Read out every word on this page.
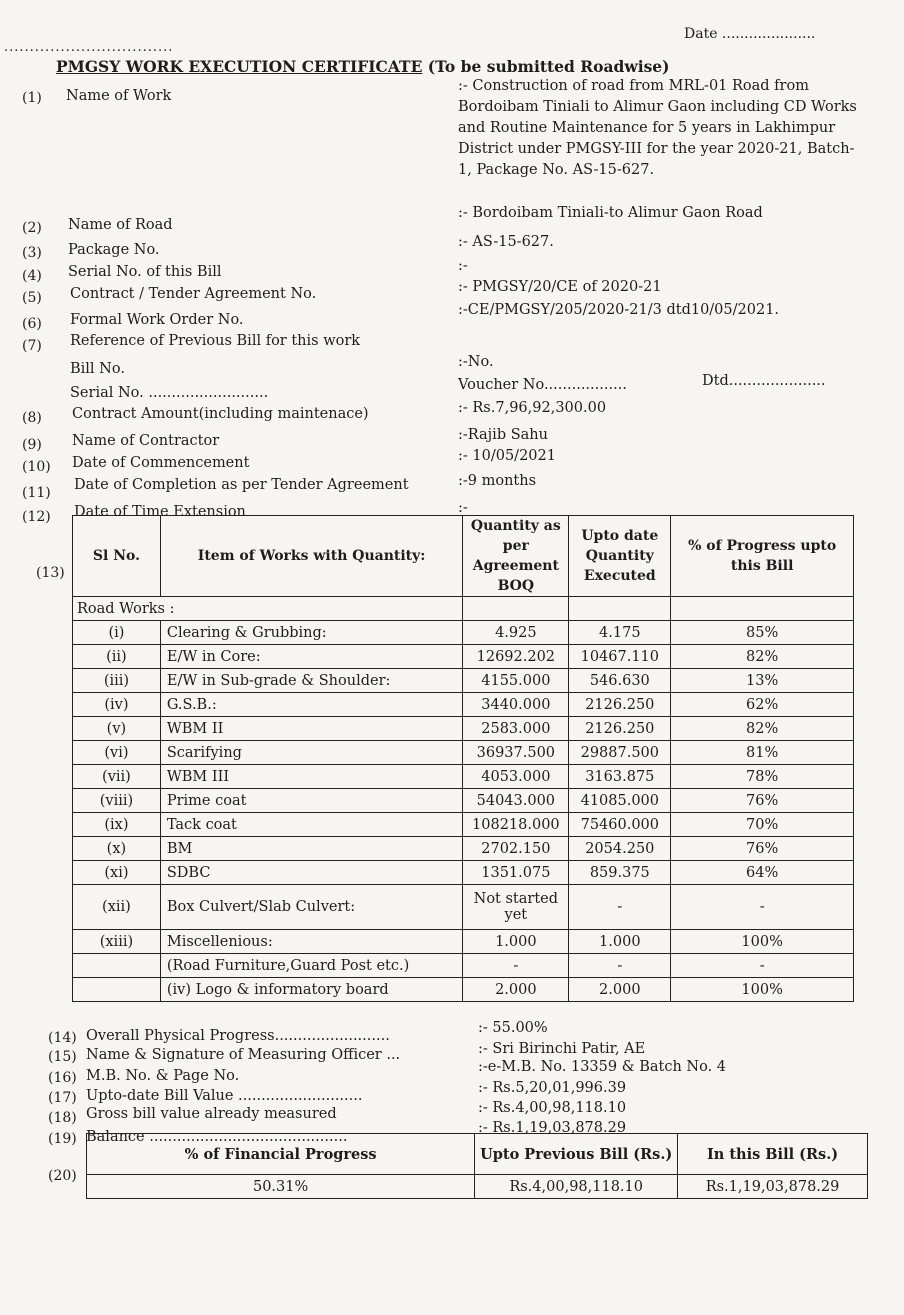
Date .....................
.................................
PMGSY WORK EXECUTION CERTIFICATE (To be submitted Roadwise)
(1) Name of Work
:- Construction of road from MRL-01 Road from Bordoibam Tiniali to Alimur Gaon including CD Works and Routine Maintenance for 5 years in Lakhimpur District under PMGSY-III for the year 2020-21, Batch-1, Package No. AS-15-627.
(2) Name of Road
:- Bordoibam Tiniali-to Alimur Gaon Road
(3) Package No.	:- AS-15-627.
(4) Serial No. of this Bill	:-
(5) Contract / Tender Agreement No.	:- PMGSY/20/CE of 2020-21
(6) Formal Work Order No.
:-CE/PMGSY/205/2020-21/3 dtd10/05/2021.
(7) Reference of Previous Bill for this work
Bill No.	:-No.
Serial No. ..........................	Voucher No..................	Dtd.....................
(8) Contract Amount(including maintenace)	:- Rs.7,96,92,300.00
(9) Name of Contractor	:-Rajib Sahu
(10) Date of Commencement	:- 10/05/2021
(11) Date of Completion as per Tender Agreement	:-9 months
(12) Date of Time Extension	:-
(13)
Sl No.	Item of Works with Quantity:	Quantity as per Agreement BOQ	Upto date Quantity Executed	% of Progress upto this Bill
Road Works :				
(i)	Clearing & Grubbing:	4.925	4.175	85%
(ii)	E/W in Core:	12692.202	10467.110	82%
(iii)	E/W in Sub-grade & Shoulder:	4155.000	546.630	13%
(iv)	G.S.B.:	3440.000	2126.250	62%
(v)	WBM II	2583.000	2126.250	82%
(vi)	Scarifying	36937.500	29887.500	81%
(vii)	WBM III	4053.000	3163.875	78%
(viii)	Prime coat	54043.000	41085.000	76%
(ix)	Tack coat	108218.000	75460.000	70%
(x)	BM	2702.150	2054.250	76%
(xi)	SDBC	1351.075	859.375	64%
(xii)	Box Culvert/Slab Culvert:	Not started yet	-	-
(xiii)	Miscellenious:	1.000	1.000	100%
	(Road Furniture,Guard Post etc.)	-	-	-
	(iv) Logo & informatory board	2.000	2.000	100%
(14) Overall Physical Progress.........................	:- 55.00%
(15) Name & Signature of Measuring Officer ...	:- Sri Birinchi Patir, AE
(16) M.B. No. & Page No.
:-e-M.B. No. 13359 & Batch No. 4
(17) Upto-date Bill Value ...........................	:- Rs.5,20,01,996.39
(18) Gross bill value already measured	:- Rs.4,00,98,118.10
(19) Balance ...........................................
:- Rs.1,19,03,878.29
(20)
% of Financial Progress	Upto Previous Bill (Rs.)	In this Bill (Rs.)
50.31%	Rs.4,00,98,118.10	Rs.1,19,03,878.29
